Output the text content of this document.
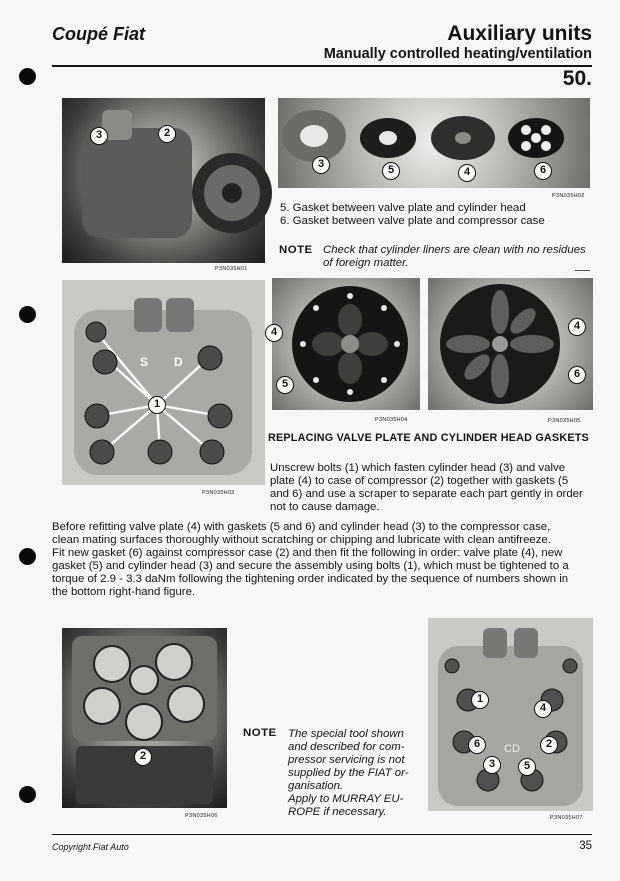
Coupé Fiat	Auxiliary units
Manually controlled heating/ventilation
50.
3	2
P3N035H01
3	5	4	6
P3N035H02
5. Gasket between valve plate and cylinder head
6. Gasket between valve plate and compressor case
NOTE Check that cylinder liners are clean with no residues
of foreign matter.
S D
1
P3N035H03
4
5
P3N035H04
4
6
P3N035H05
REPLACING VALVE PLATE AND CYLINDER HEAD GASKETS
Unscrew bolts (1) which fasten cylinder head (3) and valve
plate (4) to case of compressor (2) together with gaskets (5
and 6) and use a scraper to separate each part gently in order
not to cause damage.
Before refitting valve plate (4) with gaskets (5 and 6) and cylinder head (3) to the compressor case,
clean mating surfaces thoroughly without scratching or chipping and lubricate with clean antifreeze.
Fit new gasket (6) against compressor case (2) and then fit the following in order: valve plate (4), new
gasket (5) and cylinder head (3) and secure the assembly using bolts (1), which must be tightened to a
torque of 2.9 - 3.3 daNm following the tightening order indicated by the sequence of numbers shown in
the bottom right-hand figure.
2
P3N035H06
NOTE The special tool shown
and described for com-
pressor servicing is not
supplied by the FIAT or-
ganisation.
Apply to MURRAY EU-
ROPE if necessary.
CD
1
4
6	2
3	5
P3N035H07
Copyright Fiat Auto	35
